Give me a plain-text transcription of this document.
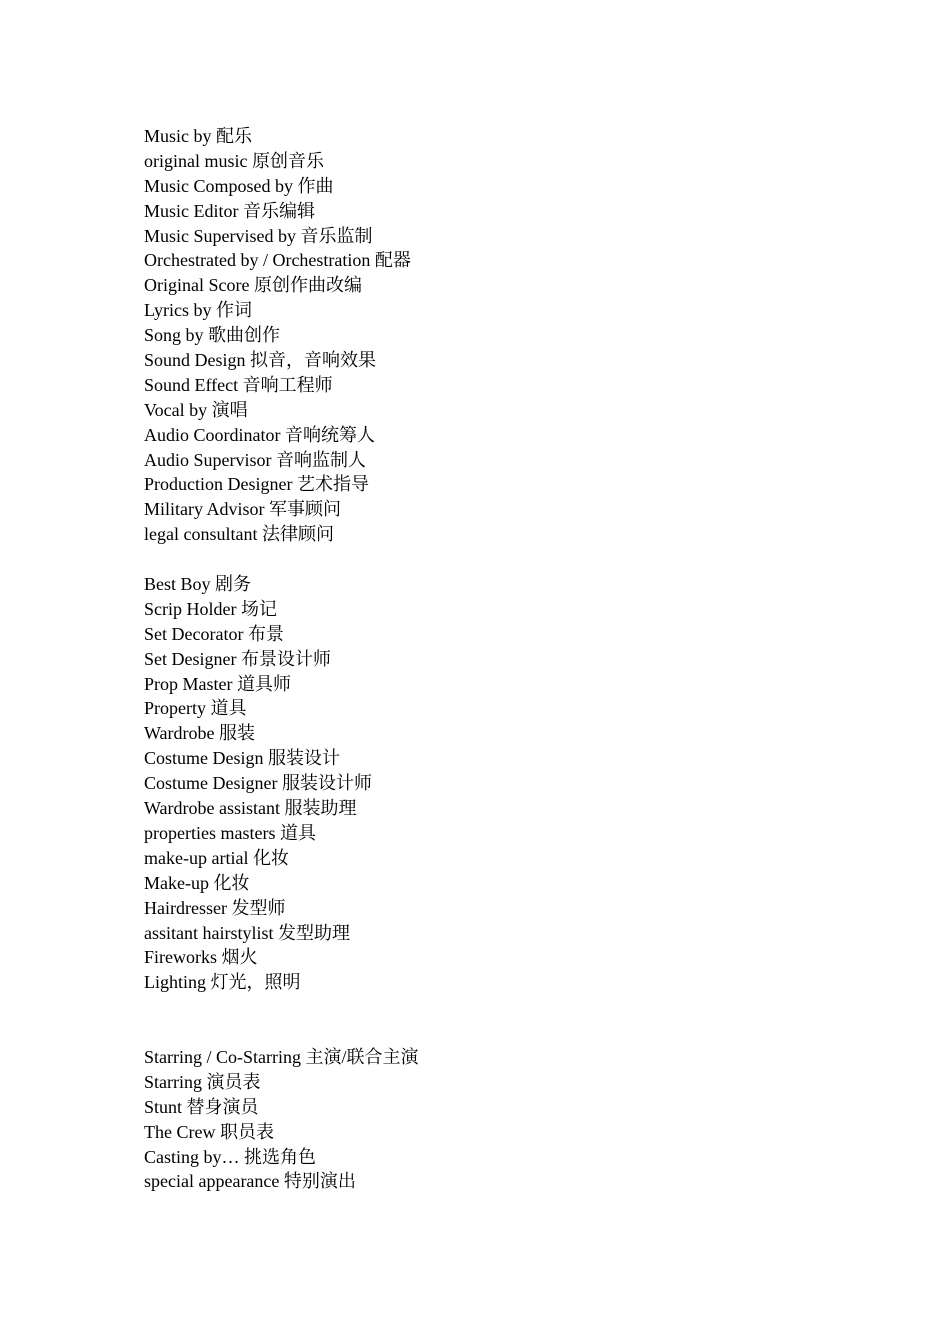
Music by 配乐

original music 原创音乐

Music Composed by 作曲

Music Editor 音乐编辑

Music Supervised by 音乐监制

Orchestrated by / Orchestration 配器

Original Score 原创作曲改编

Lyrics by 作词

Song by 歌曲创作

Sound Design 拟音，音响效果

Sound Effect 音响工程师

Vocal by 演唱

Audio Coordinator 音响统筹人

Audio Supervisor 音响监制人

Production Designer 艺术指导

Military Advisor 军事顾问

legal consultant 法律顾问

Best Boy 剧务

Scrip Holder 场记

Set Decorator 布景

Set Designer 布景设计师

Prop Master 道具师

Property 道具

Wardrobe 服装

Costume Design 服装设计

Costume Designer 服装设计师

Wardrobe assistant 服装助理

properties masters 道具

make-up artial 化妆

Make-up 化妆

Hairdresser 发型师

assitant hairstylist 发型助理

Fireworks 烟火

Lighting 灯光，照明

Starring / Co-Starring 主演/联合主演

Starring 演员表

Stunt 替身演员

The Crew 职员表

Casting by… 挑选角色

special appearance 特别演出
